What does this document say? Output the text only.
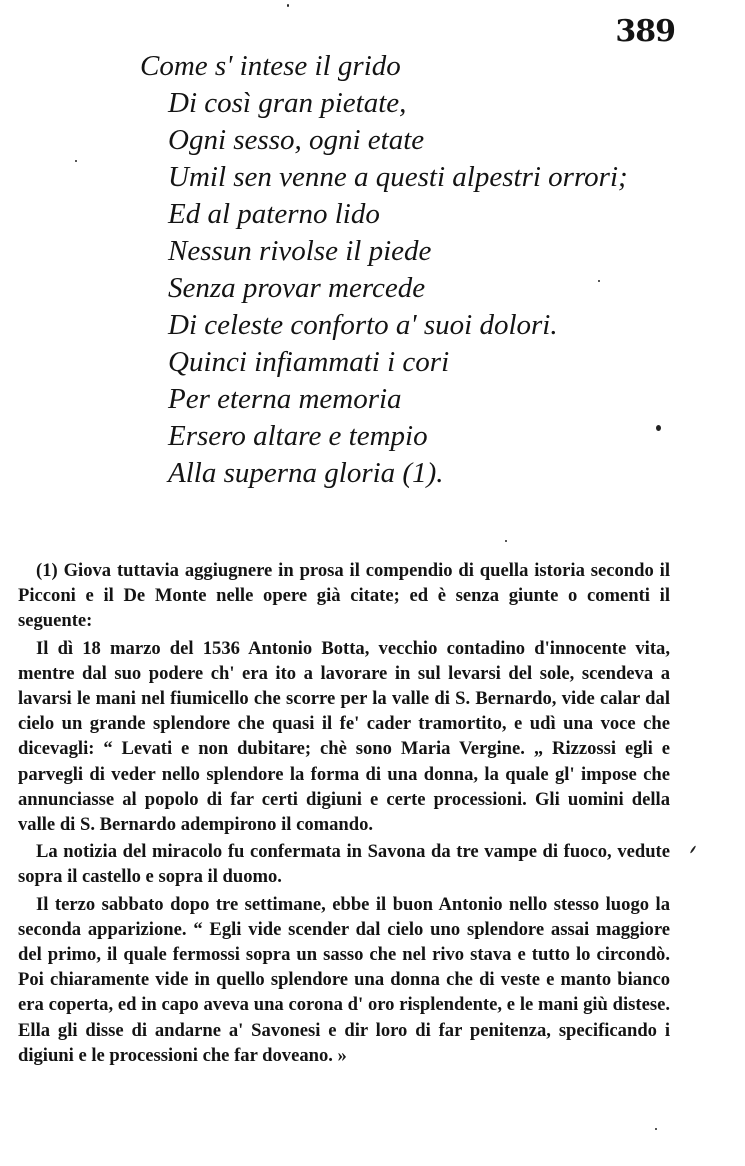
389
Come s' intese il grido
Di così gran pietate,
Ogni sesso, ogni etate
Umil sen venne a questi alpestri orrori;
Ed al paterno lido
Nessun rivolse il piede
Senza provar mercede
Di celeste conforto a' suoi dolori.
Quinci infiammati i cori
Per eterna memoria
Ersero altare e tempio
Alla superna gloria (1).

(1) Giova tuttavia aggiugnere in prosa il compendio di quella istoria secondo il Picconi e il De Monte nelle opere già citate; ed è senza giunte o comenti il seguente:

Il dì 18 marzo del 1536 Antonio Botta, vecchio contadino d'innocente vita, mentre dal suo podere ch' era ito a lavorare in sul levarsi del sole, scendeva a lavarsi le mani nel fiumicello che scorre per la valle di S. Bernardo, vide calar dal cielo un grande splendore che quasi il fe' cader tramortito, e udì una voce che dicevagli: “ Levati e non dubitare; chè sono Maria Vergine. „ Rizzossi egli e parvegli di veder nello splendore la forma di una donna, la quale gl' impose che annunciasse al popolo di far certi digiuni e certe processioni. Gli uomini della valle di S. Bernardo adempirono il comando.

La notizia del miracolo fu confermata in Savona da tre vampe di fuoco, vedute sopra il castello e sopra il duomo.

Il terzo sabbato dopo tre settimane, ebbe il buon Antonio nello stesso luogo la seconda apparizione. “ Egli vide scender dal cielo uno splendore assai maggiore del primo, il quale fermossi sopra un sasso che nel rivo stava e tutto lo circondò. Poi chiaramente vide in quello splendore una donna che di veste e manto bianco era coperta, ed in capo aveva una corona d' oro risplendente, e le mani giù distese. Ella gli disse di andarne a' Savonesi e dir loro di far penitenza, specificando i digiuni e le processioni che far doveano. »
